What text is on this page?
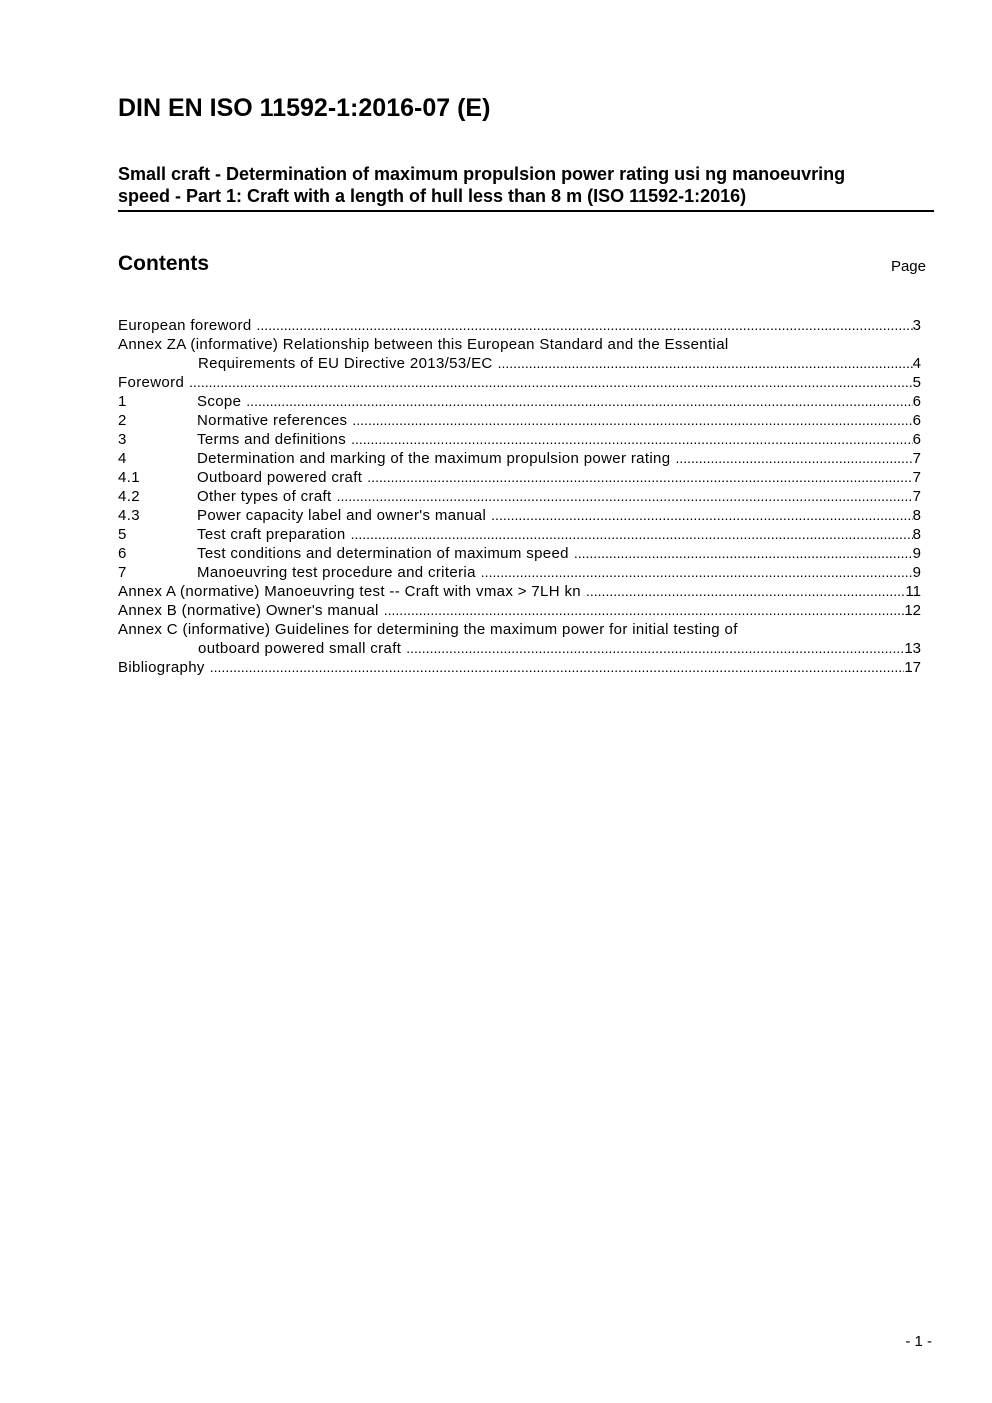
DIN EN ISO 11592-1:2016-07 (E)
Small craft - Determination of maximum propulsion power rating usi ng manoeuvring
speed - Part 1: Craft with a length of hull less than 8 m (ISO 11592-1:2016)
Contents	Page
European foreword .....	3
Annex ZA (informative) Relationship between this European Standard and the Essential
Requirements of EU Directive 2013/53/EC .....	4
Foreword .....	5
1	Scope .....	6
2	Normative references .....	6
3	Terms and definitions .....	6
4	Determination and marking of the maximum propulsion power rating .....	7
4.1	Outboard powered craft .....	7
4.2	Other types of craft .....	7
4.3	Power capacity label and owner's manual .....	8
5	Test craft preparation .....	8
6	Test conditions and determination of maximum speed .....	9
7	Manoeuvring test procedure and criteria .....	9
Annex A (normative) Manoeuvring test -- Craft with vmax > 7LH kn .....	11
Annex B (normative) Owner's manual .....	12
Annex C (informative) Guidelines for determining the maximum power for initial testing of
outboard powered small craft .....	13
Bibliography .....	17
- 1 -
